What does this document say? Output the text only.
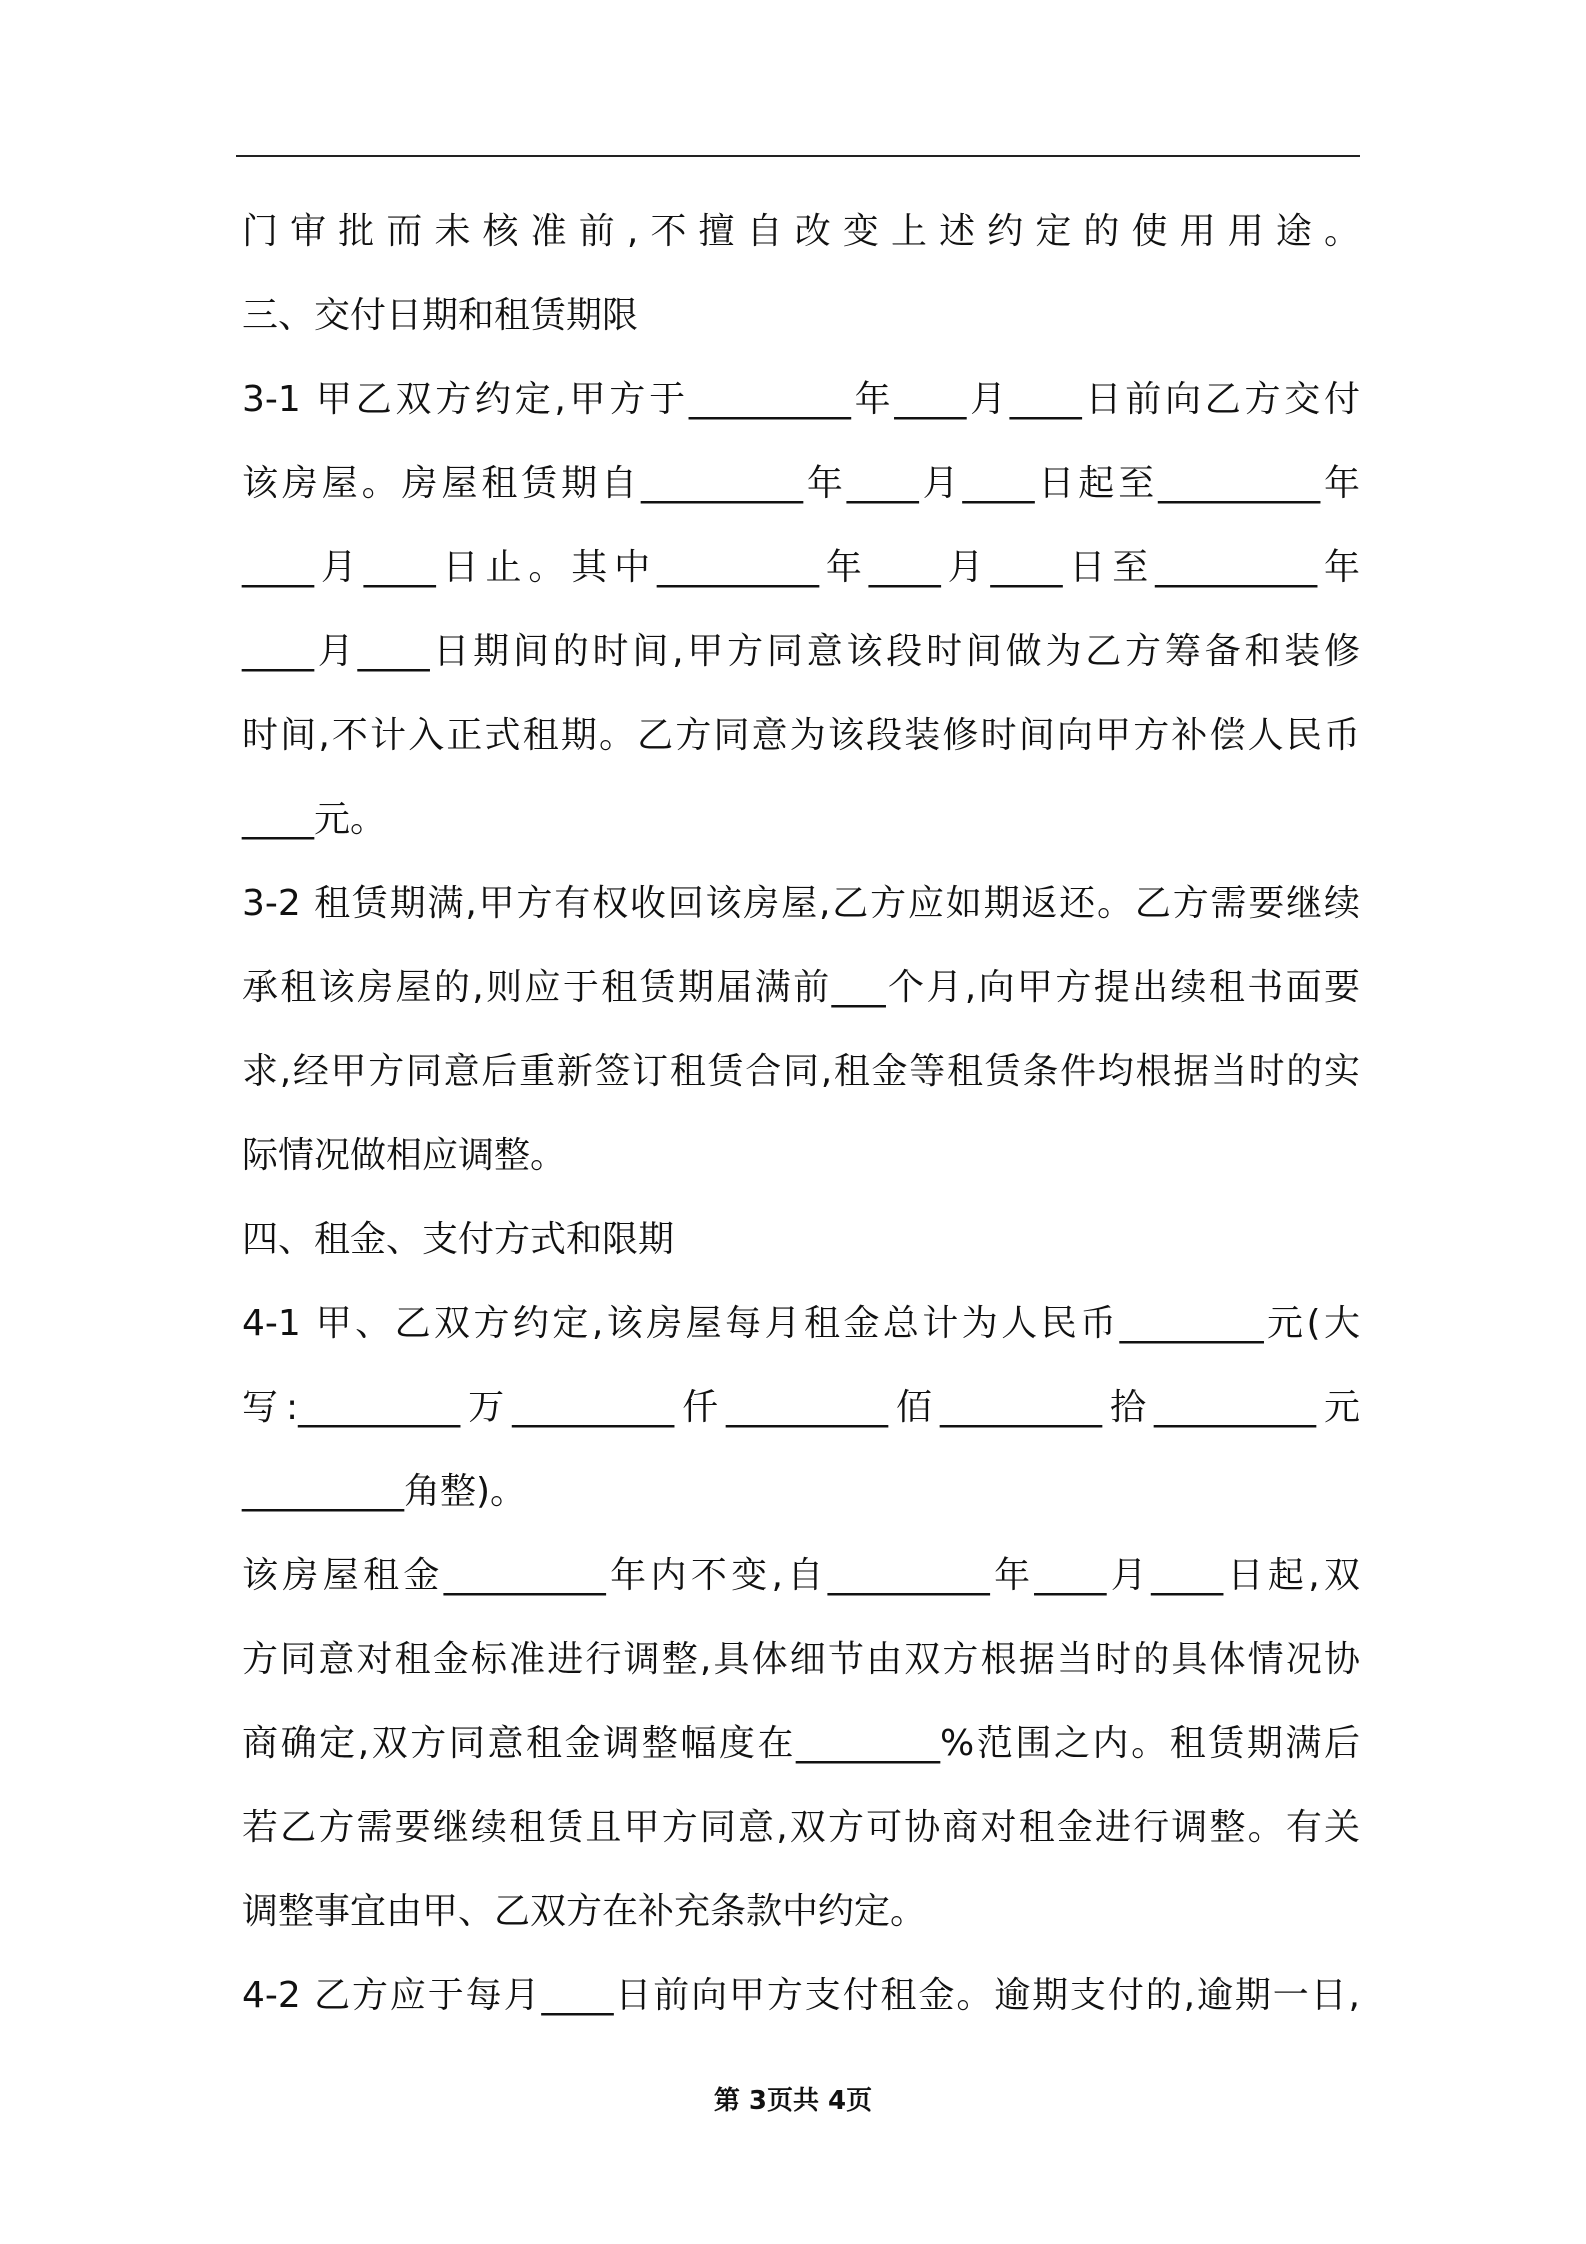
门审批而未核准前,不擅自改变上述约定的使用用途。
三、交付日期和租赁期限
3-1 甲乙双方约定,甲方于_________年____月____日前向乙方交付
该房屋。房屋租赁期自_________年____月____日起至_________年
____月____日止。其中_________年____月____日至_________年
____月____日期间的时间,甲方同意该段时间做为乙方筹备和装修
时间,不计入正式租期。乙方同意为该段装修时间向甲方补偿人民币
____元。
3-2 租赁期满,甲方有权收回该房屋,乙方应如期返还。乙方需要继续
承租该房屋的,则应于租赁期届满前___个月,向甲方提出续租书面要
求,经甲方同意后重新签订租赁合同,租金等租赁条件均根据当时的实
际情况做相应调整。
四、租金、支付方式和限期
4-1 甲、乙双方约定,该房屋每月租金总计为人民币________元(大
写:_________万_________仟_________佰_________拾_________元
_________角整)。
该房屋租金_________年内不变,自_________年____月____日起,双
方同意对租金标准进行调整,具体细节由双方根据当时的具体情况协
商确定,双方同意租金调整幅度在________%范围之内。租赁期满后
若乙方需要继续租赁且甲方同意,双方可协商对租金进行调整。有关
调整事宜由甲、乙双方在补充条款中约定。
4-2 乙方应于每月____日前向甲方支付租金。逾期支付的,逾期一日,
第 3页共 4页
